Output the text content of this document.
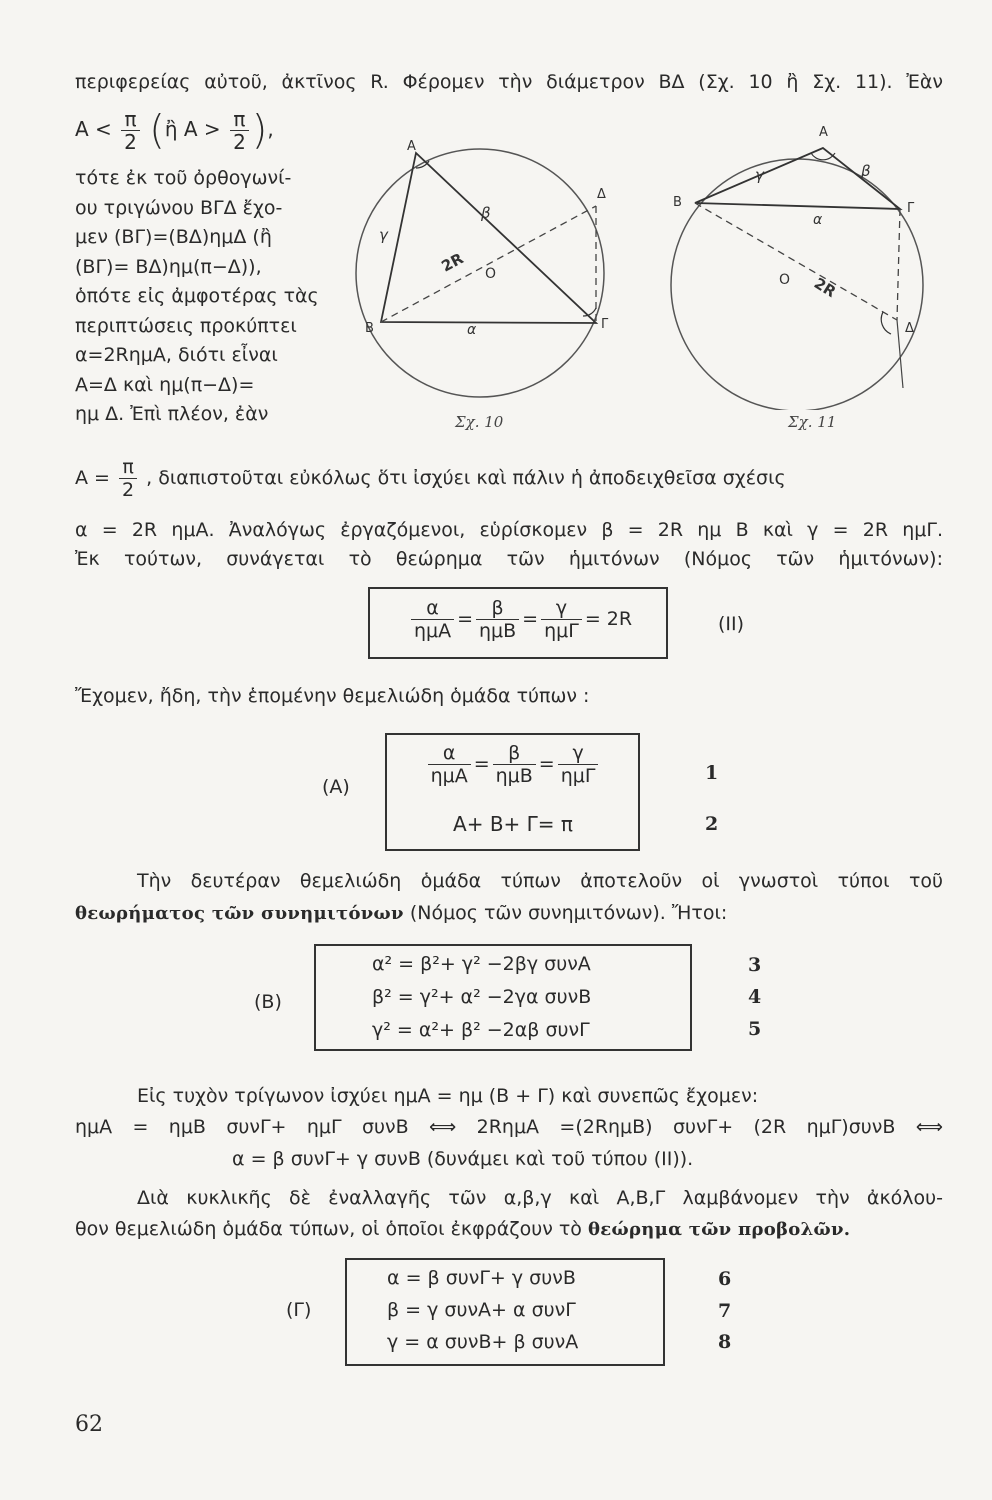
περιφερείας αὐτοῦ, ἀκτῖνος R. Φέρομεν τὴν διάμετρον ΒΔ (Σχ. 10 ἢ Σχ. 11). Ἐὰν
$A < \frac{\pi}{2}$ (ἢ $A > \frac{\pi}{2}$ ),
τότε ἐκ τοῦ ὀρθογωνί-
ου τριγώνου ΒΓΔ ἔχο-
μεν (ΒΓ)=(ΒΔ)ημΔ (ἢ
(ΒΓ)= ΒΔ)ημ(π−Δ)),
ὁπότε εἰς ἀμφοτέρας τὰς
περιπτώσεις προκύπτει
α=2RημΑ, διότι εἶναι
Α=Δ καὶ ημ(π−Δ)=
ημ Δ. Ἐπὶ πλέον, ἐὰν
A
B	Γ
Δ
O
β
γ
α
2R
Σχ. 10
A
B	Γ
Δ
O
γ	β
α
2R
Σχ. 11
$A = \frac{\pi}{2}$ , διαπιστοῦται εὐκόλως ὅτι ἰσχύει καὶ πάλιν ἡ ἀποδειχθεῖσα σχέσις
α = 2R ημΑ. Ἀναλόγως ἐργαζόμενοι, εὑρίσκομεν β = 2R ημ Β καὶ γ = 2R ημΓ.
Ἐκ τούτων, συνάγεται τὸ θεώρημα τῶν ἡμιτόνων (Νόμος τῶν ἡμιτόνων):
$\frac{\alpha}{\text{ημΑ}} = \frac{\beta}{\text{ημΒ}} = \frac{\gamma}{\text{ημΓ}} = 2R$	(ΙΙ)
Ἔχομεν, ἤδη, τὴν ἑπομένην θεμελιώδη ὁμάδα τύπων :
(A)	$\frac{\alpha}{\text{ημΑ}} = \frac{\beta}{\text{ημΒ}} = \frac{\gamma}{\text{ημΓ}}$
A+ B+ Γ= π
1
2
Τὴν δευτέραν θεμελιώδη ὁμάδα τύπων ἀποτελοῦν οἱ γνωστοὶ τύποι τοῦ
θεωρήματος τῶν συνημιτόνων (Νόμος τῶν συνημιτόνων). Ἤτοι:
(B)
α² = β²+ γ² −2βγ συνΑ
β² = γ²+ α² −2γα συνΒ
γ² = α²+ β² −2αβ συνΓ
3
4
5
Εἰς τυχὸν τρίγωνον ἰσχύει ημΑ = ημ (Β + Γ) καὶ συνεπῶς ἔχομεν:
ημΑ = ημΒ συνΓ+ ημΓ συνΒ ⟺ 2RημΑ =(2RημΒ) συνΓ+ (2R ημΓ)συνΒ ⟺
α = β συνΓ+ γ συνΒ (δυνάμει καὶ τοῦ τύπου (ΙΙ)).
Διὰ κυκλικῆς δὲ ἐναλλαγῆς τῶν α,β,γ καὶ Α,Β,Γ λαμβάνομεν τὴν ἀκόλου-
θον θεμελιώδη ὁμάδα τύπων, οἱ ὁποῖοι ἐκφράζουν τὸ θεώρημα τῶν προβολῶν.
(Γ)
α = β συνΓ+ γ συνΒ
β = γ συνΑ+ α συνΓ
γ = α συνΒ+ β συνΑ
6
7
8
62
